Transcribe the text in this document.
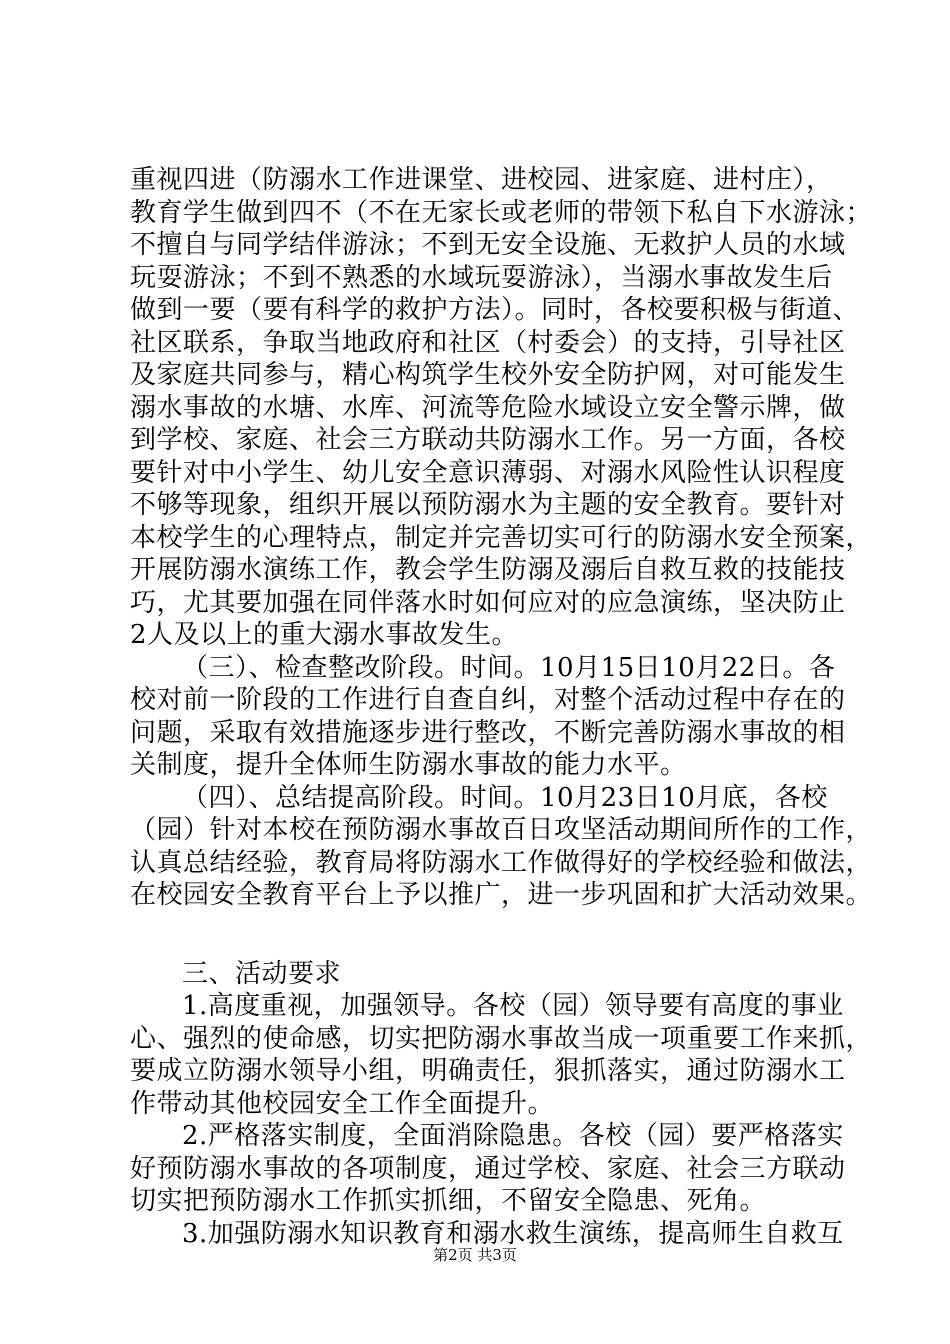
重视四进（防溺水工作进课堂、进校园、进家庭、进村庄），
教育学生做到四不（不在无家长或老师的带领下私自下水游泳；
不擅自与同学结伴游泳；不到无安全设施、无救护人员的水域
玩耍游泳；不到不熟悉的水域玩耍游泳），当溺水事故发生后
做到一要（要有科学的救护方法）。同时，各校要积极与街道、
社区联系，争取当地政府和社区（村委会）的支持，引导社区
及家庭共同参与，精心构筑学生校外安全防护网，对可能发生
溺水事故的水塘、水库、河流等危险水域设立安全警示牌，做
到学校、家庭、社会三方联动共防溺水工作。另一方面，各校
要针对中小学生、幼儿安全意识薄弱、对溺水风险性认识程度
不够等现象，组织开展以预防溺水为主题的安全教育。要针对
本校学生的心理特点，制定并完善切实可行的防溺水安全预案，
开展防溺水演练工作，教会学生防溺及溺后自救互救的技能技
巧，尤其要加强在同伴落水时如何应对的应急演练，坚决防止
2人及以上的重大溺水事故发生。
（三）、检查整改阶段。时间。10月15日10月22日。各
校对前一阶段的工作进行自查自纠，对整个活动过程中存在的
问题，采取有效措施逐步进行整改，不断完善防溺水事故的相
关制度，提升全体师生防溺水事故的能力水平。
（四）、总结提高阶段。时间。10月23日10月底，各校
（园）针对本校在预防溺水事故百日攻坚活动期间所作的工作，
认真总结经验，教育局将防溺水工作做得好的学校经验和做法，
在校园安全教育平台上予以推广，进一步巩固和扩大活动效果。
三、活动要求
1.高度重视，加强领导。各校（园）领导要有高度的事业
心、强烈的使命感，切实把防溺水事故当成一项重要工作来抓，
要成立防溺水领导小组，明确责任，狠抓落实，通过防溺水工
作带动其他校园安全工作全面提升。
2.严格落实制度，全面消除隐患。各校（园）要严格落实
好预防溺水事故的各项制度，通过学校、家庭、社会三方联动
切实把预防溺水工作抓实抓细，不留安全隐患、死角。
3.加强防溺水知识教育和溺水救生演练，提高师生自救互
第2页 共3页
